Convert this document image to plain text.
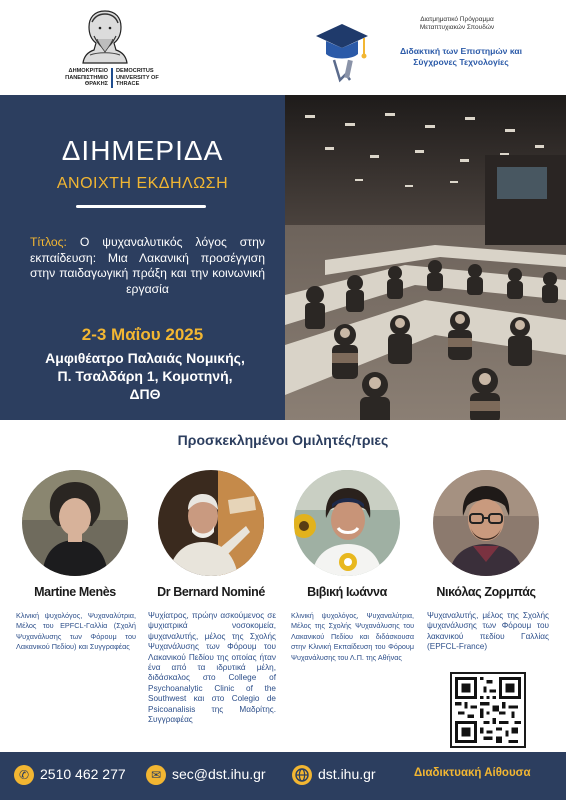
ΔΗΜΟΚΡΙΤΕΙΟ ΠΑΝΕΠΙΣΤΗΜΙΟ ΘΡΑΚΗΣ
DEMOCRITUS UNIVERSITY OF THRACE
Διατμηματικό Πρόγραμμα
Μεταπτυχιακών Σπουδών
Διδακτική των Επιστημών και
Σύγχρονες Τεχνολογίες
ΔΙΗΜΕΡΙΔΑ
ΑΝΟΙΧΤΗ ΕΚΔΗΛΩΣΗ
Τίτλος: Ο ψυχαναλυτικός λόγος στην εκπαίδευση: Μια Λακανική προσέγγιση στην παιδαγωγική πράξη και την κοινωνική εργασία
2-3 Μαΐου 2025
Αμφιθέατρο Παλαιάς Νομικής,
Π. Τσαλδάρη 1, Κομοτηνή,
ΔΠΘ
Προσκεκλημένοι Ομιλητές/τριες
Martine Menès	Dr Bernard Nominé	Βιβική Ιωάννα	Νικόλας Ζορμπάς
Κλινική ψυχολόγος, Ψυχαναλύτρια, Μέλος του EPFCL-Γαλλία (Σχολή Ψυχανάλυσης των Φόρουμ του Λακανικού Πεδίου) και Συγγραφέας
Ψυχίατρος, πρώην ασκούμενος σε ψυχιατρικά νοσοκομεία, ψυχαναλυτής, μέλος της Σχολής Ψυχανάλυσης των Φόρουμ του Λακανικού Πεδίου της οποίας ήταν ένα από τα ιδρυτικά μέλη, διδάσκαλος στο College of Psychoanalytic Clinic of the Southwest και στο Colegio de Psicoanalisis της Μαδρίτης. Συγγραφέας
Κλινική ψυχολόγος, Ψυχαναλύτρια, Μέλος της Σχολής Ψυχανάλυσης του Λακανικού Πεδίου και διδάσκουσα στην Κλινική Εκπαίδευση του Φόρουμ Ψυχανάλυσης του Λ.Π. της Αθήνας
Ψυχαναλυτής, μέλος της Σχολής ψυχανάλυσης των Φόρουμ του λακανικού πεδίου Γαλλίας (EPFCL-France)
✆ 2510 462 277	✉ sec@dst.ihu.gr	dst.ihu.gr	Διαδικτυακή Αίθουσα
